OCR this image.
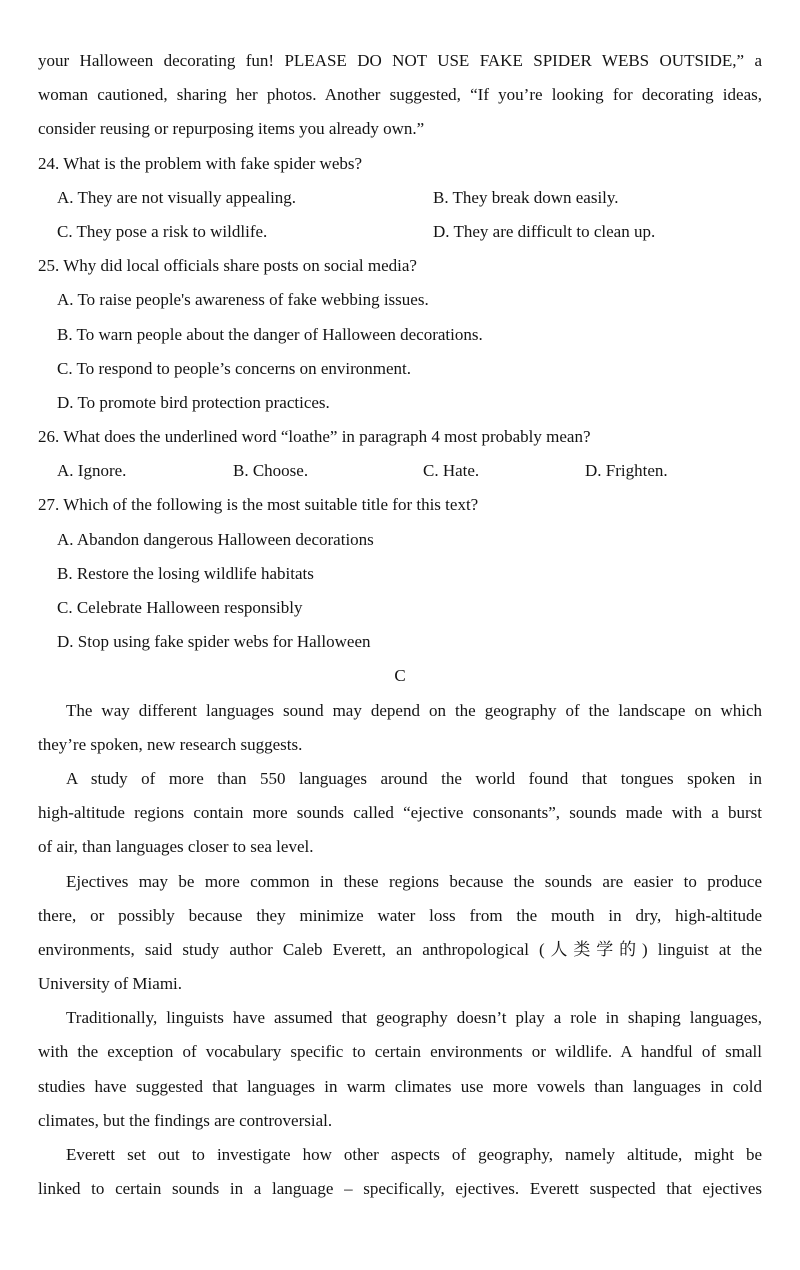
your Halloween decorating fun! PLEASE DO NOT USE FAKE SPIDER WEBS OUTSIDE,” a

woman cautioned, sharing her photos. Another suggested, “If you’re looking for decorating ideas,

consider reusing or repurposing items you already own.”

24. What is the problem with fake spider webs?

A. They are not visually appealing.	B. They break down easily.

C. They pose a risk to wildlife.	D. They are difficult to clean up.

25. Why did local officials share posts on social media?

A. To raise people's awareness of fake webbing issues.

B. To warn people about the danger of Halloween decorations.

C. To respond to people’s concerns on environment.

D. To promote bird protection practices.

26. What does the underlined word “loathe” in paragraph 4 most probably mean?

A. Ignore.	B. Choose.	C. Hate.	D. Frighten.

27. Which of the following is the most suitable title for this text?

A. Abandon dangerous Halloween decorations

B. Restore the losing wildlife habitats

C. Celebrate Halloween responsibly

D. Stop using fake spider webs for Halloween

C

The way different languages sound may depend on the geography of the landscape on which

they’re spoken, new research suggests.

A study of more than 550 languages around the world found that tongues spoken in

high-altitude regions contain more sounds called “ejective consonants”, sounds made with a burst

of air, than languages closer to sea level.

Ejectives may be more common in these regions because the sounds are easier to produce

there, or possibly because they minimize water loss from the mouth in dry, high-altitude

environments, said study author Caleb Everett, an anthropological (人类学的) linguist at the

University of Miami.

Traditionally, linguists have assumed that geography doesn’t play a role in shaping languages,

with the exception of vocabulary specific to certain environments or wildlife. A handful of small

studies have suggested that languages in warm climates use more vowels than languages in cold

climates, but the findings are controversial.

Everett set out to investigate how other aspects of geography, namely altitude, might be

linked to certain sounds in a language – specifically, ejectives. Everett suspected that ejectives
